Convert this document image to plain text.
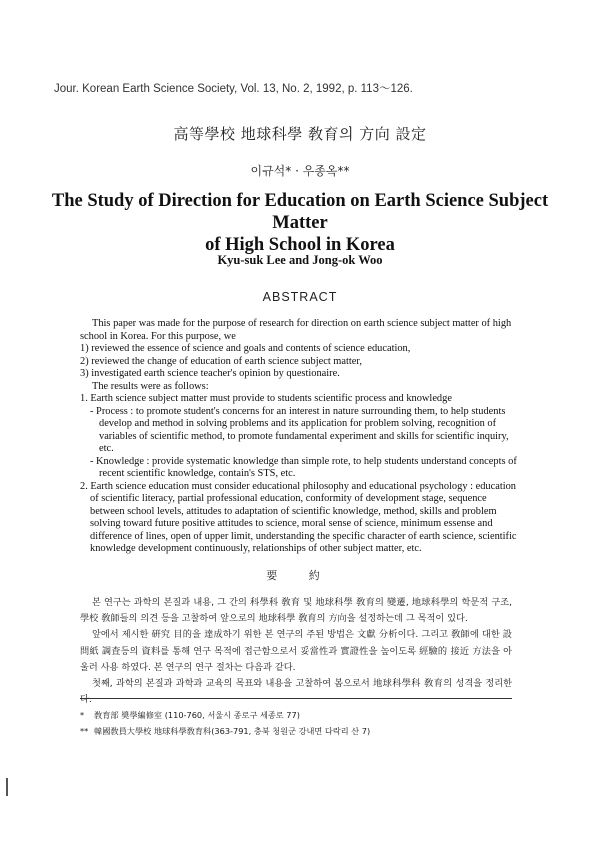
Jour. Korean Earth Science Society, Vol. 13, No. 2, 1992, p. 113～126.
高等學校 地球科學 敎育의 方向 設定
이규석* · 우종옥**
The Study of Direction for Education on Earth Science Subject Matter
of High School in Korea
Kyu-suk Lee and Jong-ok Woo
ABSTRACT

This paper was made for the purpose of research for direction on earth science subject matter of high school in Korea. For this purpose, we

1) reviewed the essence of science and goals and contents of science education,

2) reviewed the change of education of earth science subject matter,

3) investigated earth science teacher's opinion by questionaire.

The results were as follows:

1. Earth science subject matter must provide to students scientific process and knowledge

- Process : to promote student's concerns for an interest in nature surrounding them, to help students develop and method in solving problems and its application for problem solving, recognition of variables of scientific method, to promote fundamental experiment and skills for scientific inquiry, etc.

- Knowledge : provide systematic knowledge than simple rote, to help students understand concepts of recent scientific knowledge, contain's STS, etc.

2. Earth science education must consider educational philosophy and educational psychology : education of scientific literacy, partial professional education, conformity of development stage, sequence between school levels, attitudes to adaptation of scientific knowledge, method, skills and problem solving toward future positive attitudes to science, moral sense of science, minimum essense and difference of lines, open of upper limit, understanding the specific character of earth science, scientific knowledge development continuously, relationships of other subject matter, etc.

要 約

본 연구는 과학의 본질과 내용, 그 간의 科學科 敎育 및 地球科學 敎育의 變遷, 地球科學의 학문적 구조, 學校 敎師들의 의견 등을 고찰하여 앞으로의 地球科學 敎育의 方向을 설정하는데 그 목적이 있다.

앞에서 제시한 硏究 目的을 達成하기 위한 본 연구의 주된 방법은 文獻 分析이다. 그리고 敎師에 대한 設問紙 調査등의 資料를 통해 연구 목적에 접근함으로서 妥當性과 實證性을 높이도록 經驗的 接近 方法을 아울러 사용 하였다. 본 연구의 연구 절차는 다음과 같다.

첫째, 과학의 본질과 과학과 교육의 목표와 내용을 고찰하여 봄으로서 地球科學科 敎育의 성격을 정리한다.

*	敎育部 奬學編修室 (110-760, 서울시 종로구 세종로 77)
** 韓國敎員大學校 地球科學敎育科(363-791, 충북 청원군 강내면 다락리 산 7)
